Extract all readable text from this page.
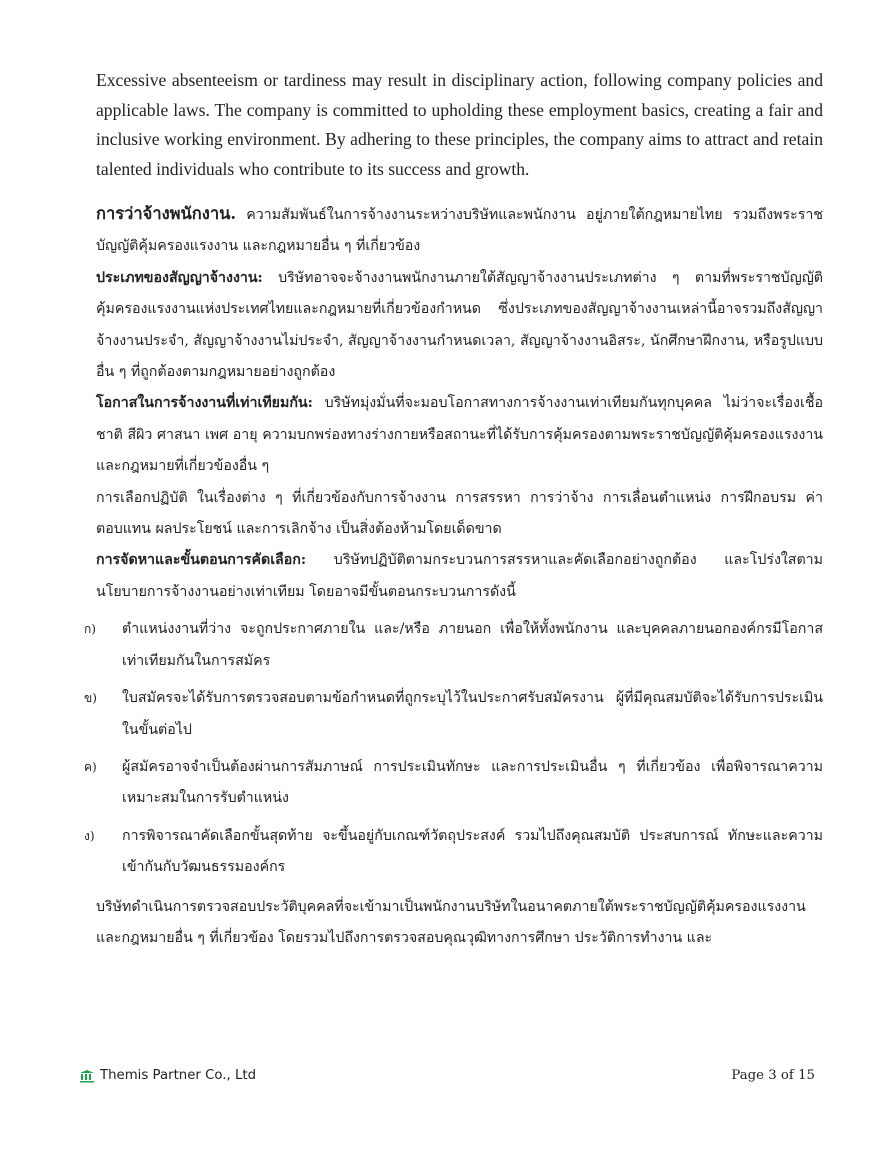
Excessive absenteeism or tardiness may result in disciplinary action, following company policies and applicable laws. The company is committed to upholding these employment basics, creating a fair and inclusive working environment. By adhering to these principles, the company aims to attract and retain talented individuals who contribute to its success and growth.

การว่าจ้างพนักงาน. ความสัมพันธ์ในการจ้างงานระหว่างบริษัทและพนักงาน อยู่ภายใต้กฎหมายไทย รวมถึงพระราชบัญญัติคุ้มครองแรงงาน และกฎหมายอื่น ๆ ที่เกี่ยวข้อง

ประเภทของสัญญาจ้างงาน: บริษัทอาจจะจ้างงานพนักงานภายใต้สัญญาจ้างงานประเภทต่าง ๆ ตามที่พระราชบัญญัติคุ้มครองแรงงานแห่งประเทศไทยและกฎหมายที่เกี่ยวข้องกำหนด ซึ่งประเภทของสัญญาจ้างงานเหล่านี้อาจรวมถึงสัญญาจ้างงานประจำ, สัญญาจ้างงานไม่ประจำ, สัญญาจ้างงานกำหนดเวลา, สัญญาจ้างงานอิสระ, นักศึกษาฝึกงาน, หรือรูปแบบอื่น ๆ ที่ถูกต้องตามกฎหมายอย่างถูกต้อง

โอกาสในการจ้างงานที่เท่าเทียมกัน: บริษัทมุ่งมั่นที่จะมอบโอกาสทางการจ้างงานเท่าเทียมกันทุกบุคคล ไม่ว่าจะเรื่องเชื้อชาติ สีผิว ศาสนา เพศ อายุ ความบกพร่องทางร่างกายหรือสถานะที่ได้รับการคุ้มครองตามพระราชบัญญัติคุ้มครองแรงงานและกฎหมายที่เกี่ยวข้องอื่น ๆ

การเลือกปฏิบัติ ในเรื่องต่าง ๆ ที่เกี่ยวข้องกับการจ้างงาน การสรรหา การว่าจ้าง การเลื่อนตำแหน่ง การฝึกอบรม ค่าตอบแทน ผลประโยชน์ และการเลิกจ้าง เป็นสิ่งต้องห้ามโดยเด็ดขาด

การจัดหาและขั้นตอนการคัดเลือก: บริษัทปฏิบัติตามกระบวนการสรรหาและคัดเลือกอย่างถูกต้อง และโปร่งใสตามนโยบายการจ้างงานอย่างเท่าเทียม โดยอาจมีขั้นตอนกระบวนการดังนี้

ก) ตำแหน่งงานที่ว่าง จะถูกประกาศภายใน และ/หรือ ภายนอก เพื่อให้ทั้งพนักงาน และบุคคลภายนอกองค์กรมีโอกาสเท่าเทียมกันในการสมัคร
ข) ใบสมัครจะได้รับการตรวจสอบตามข้อกำหนดที่ถูกระบุไว้ในประกาศรับสมัครงาน ผู้ที่มีคุณสมบัติจะได้รับการประเมินในขั้นต่อไป
ค) ผู้สมัครอาจจำเป็นต้องผ่านการสัมภาษณ์ การประเมินทักษะ และการประเมินอื่น ๆ ที่เกี่ยวข้อง เพื่อพิจารณาความเหมาะสมในการรับตำแหน่ง
ง) การพิจารณาคัดเลือกขั้นสุดท้าย จะขึ้นอยู่กับเกณฑ์วัตถุประสงค์ รวมไปถึงคุณสมบัติ ประสบการณ์ ทักษะและความเข้ากันกับวัฒนธรรมองค์กร

บริษัทดำเนินการตรวจสอบประวัติบุคคลที่จะเข้ามาเป็นพนักงานบริษัทในอนาคตภายใต้พระราชบัญญัติคุ้มครองแรงงาน และกฎหมายอื่น ๆ ที่เกี่ยวข้อง โดยรวมไปถึงการตรวจสอบคุณวุฒิทางการศึกษา ประวัติการทำงาน และ

Themis Partner Co., Ltd	Page 3 of 15
